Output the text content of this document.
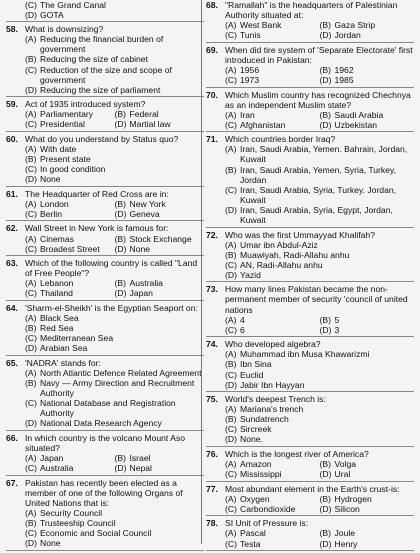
(C) The Grand Canal
(D) GOTA
58. What is downsizing?
(A) Reducing the financial burden of government
(B) Reducing the size of cabinet
(C) Reduction of the size and scope of government
(D) Reducing the size of parliament
59. Act of 1935 introduced system?
(A) Parliamentary	(B) Federal
(C) Presidential	(D) Martial law
60. What do you understand by Status quo?
(A) With date
(B) Present state
(C) In good condition
(D) None
61. The Headquarter of Red Cross are in:
(A) London	(B) New York
(C) Berlin	(D) Geneva
62. Wall Street in New York is famous for:
(A) Cinemas	(B) Stock Exchange
(C) Broadest Street	(D) None
63. Which of the following country is called "Land of Free People"?
(A) Lebanon	(B) Australia
(C) Thailand	(D) Japan
64. 'Sharm-el-Sheikh' is the Egyptian Seaport on:
(A) Black Sea
(B) Red Sea
(C) Mediterranean Sea
(D) Arabian Sea
65. 'NADRA' stands for:
(A) North Atlantic Defence Related Agreement
(B) Navy — Army Direction and Recruitment Authority
(C) National Database and Registration Authority
(D) National Data Research Agency
66. In which country is the volcano Mount Aso situated?
(A) Japan	(B) Israel
(C) Australia	(D) Nepal
67. Pakistan has recently been elected as a member of one of the following Organs of United Nations that is:
(A) Security Council
(B) Trusteeship Council
(C) Economic and Social Council
(D) None
68. "Ramallah" is the headquarters of Palestinian Authority situated at:
(A) West Bank	(B) Gaza Strip
(C) Tunis	(D) Jordan
69. When did tire system of 'Separate Electorate' first introduced in Pakistan:
(A) 1956	(B) 1962
(C) 1973	(D) 1985
70. Which Muslim country has recognized Chechnya as an independent Muslim state?
(A) Iran	(B) Saudi Arabia
(C) Afghanistan	(D) Uzbekistan
71. Which countries border Iraq?
(A) Iran, Saudi Arabia, Yemen. Bahrain, Jordan, Kuwait
(B) Iran, Saudi Arabia, Yemen, Syria, Turkey, Jordan
(C) Iran, Saudi Arabia, Syria, Turkey. Jordan, Kuwait
(D) Iran, Saudi Arabia, Syria, Egypt, Jordan, Kuwait
72. Who was the first Ummayyad Khalifah?
(A) Umar ibn Abdul-Aziz
(B) Muawiyah, Radi-Allahu anhu
(C) AN, Radi-Allahu anhu
(D) Yazid
73. How many lines Pakistan became the non-permanent member of security 'council of united nations
(A) 4	(B) 5
(C) 6	(D) 3
74. Who developed algebra?
(A) Muhammad ibn Musa Khawarizmi
(B) Ibn Sina
(C) Euclid
(D) Jabir Ibn Hayyan
75. World's deepest Trench is:
(A) Mariana's trench
(B) Sundatrench
(C) Sircreek
(D) None.
76. Which is the longest river of America?
(A) Amazon	(B) Volga
(C) Mississippi	(D) Ural
77. Most abundant element in the Earth's crust-is:
(A) Oxygen	(B) Hydrogen
(C) Carbondioxide	(D) Silicon
78. SI Unit of Pressure is:
(A) Pascal	(B) Joule
(C) Testa	(D) Henry
